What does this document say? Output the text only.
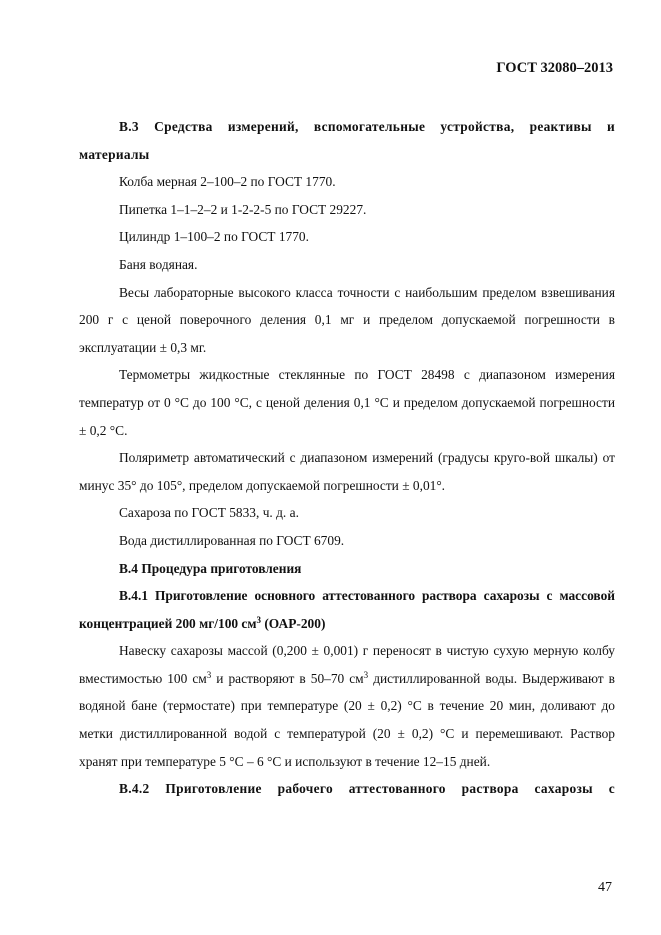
ГОСТ 32080–2013

В.3 Средства измерений, вспомогательные устройства, реактивы и материалы

Колба мерная 2–100–2 по ГОСТ 1770.

Пипетка 1–1–2–2 и 1-2-2-5 по ГОСТ 29227.

Цилиндр 1–100–2 по ГОСТ 1770.

Баня водяная.

Весы лабораторные высокого класса точности с наибольшим пределом взвешивания 200 г с ценой поверочного деления 0,1 мг и пределом допускаемой погрешности в эксплуатации ± 0,3 мг.

Термометры жидкостные стеклянные по ГОСТ 28498 с диапазоном измерения температур от 0 °С до 100 °С, с ценой деления 0,1 °С и пределом допускаемой погрешности ± 0,2 °С.

Поляриметр автоматический с диапазоном измерений (градусы круго-вой шкалы) от минус 35° до 105°, пределом допускаемой погрешности ± 0,01°.

Сахароза по ГОСТ 5833, ч. д. а.

Вода дистиллированная по ГОСТ 6709.

В.4 Процедура приготовления

В.4.1 Приготовление основного аттестованного раствора сахарозы с массовой концентрацией 200 мг/100 $см^3$ (ОАР-200)

Навеску сахарозы массой (0,200 ± 0,001) г переносят в чистую сухую мерную колбу вместимостью 100 $см^3$ и растворяют в 50–70 $см^3$ дистиллированной воды. Выдерживают в водяной бане (термостате) при температуре (20 ± 0,2) °С в течение 20 мин, доливают до метки дистиллированной водой с температурой (20 ± 0,2) °С и перемешивают. Раствор хранят при температуре 5 °С – 6 °С и используют в течение 12–15 дней.

В.4.2 Приготовление рабочего аттестованного раствора сахарозы с

47
